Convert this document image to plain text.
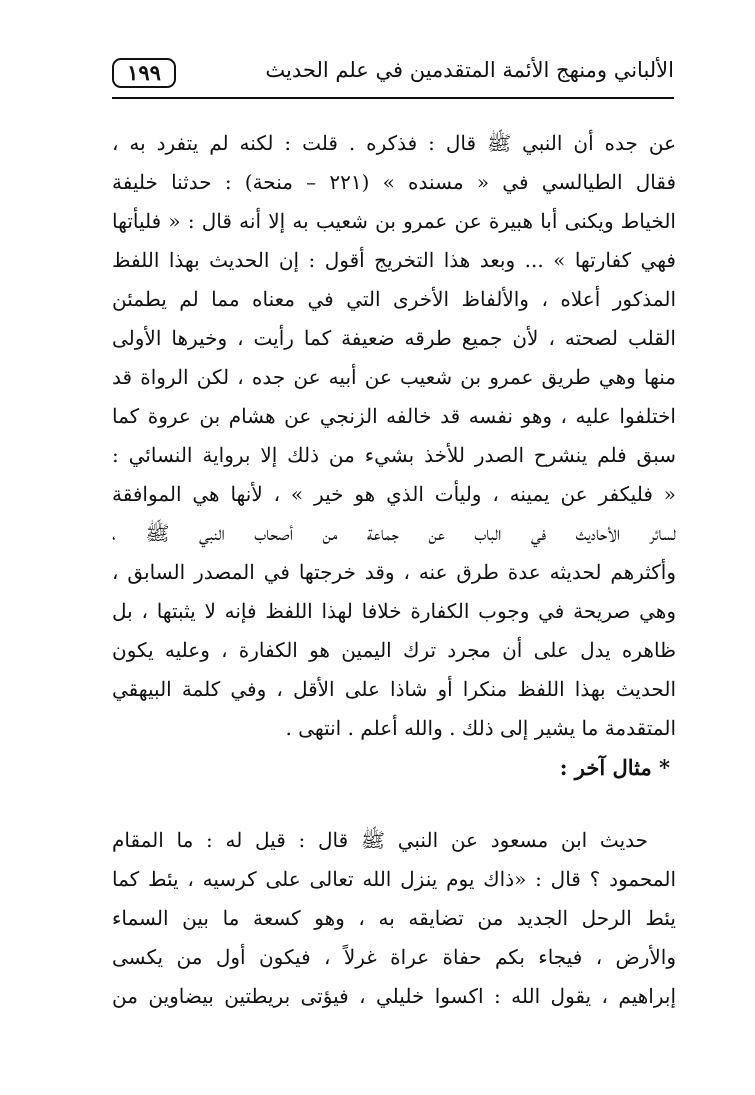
١٩٩	الألباني ومنهج الأئمة المتقدمين في علم الحديث
عن جده أن النبي ﷺ قال : فذكره . قلت : لكنه لم يتفرد به ،
فقال الطيالسي في « مسنده » (٢٢١ – منحة) : حدثنا خليفة
الخياط ويكنى أبا هبيرة عن عمرو بن شعيب به إلا أنه قال : « فليأتها
فهي كفارتها » ... وبعد هذا التخريج أقول : إن الحديث بهذا اللفظ
المذكور أعلاه ، والألفاظ الأخرى التي في معناه مما لم يطمئن
القلب لصحته ، لأن جميع طرقه ضعيفة كما رأيت ، وخيرها الأولى
منها وهي طريق عمرو بن شعيب عن أبيه عن جده ، لكن الرواة قد
اختلفوا عليه ، وهو نفسه قد خالفه الزنجي عن هشام بن عروة كما
سبق فلم ينشرح الصدر للأخذ بشيء من ذلك إلا برواية النسائي :
« فليكفر عن يمينه ، وليأت الذي هو خير » ، لأنها هي الموافقة
لسائر الأحاديث في الباب عن جماعة من أصحاب النبي ﷺ ،
وأكثرهم لحديثه عدة طرق عنه ، وقد خرجتها في المصدر السابق ،
وهي صريحة في وجوب الكفارة خلافا لهذا اللفظ فإنه لا يثبتها ، بل
ظاهره يدل على أن مجرد ترك اليمين هو الكفارة ، وعليه يكون
الحديث بهذا اللفظ منكرا أو شاذا على الأقل ، وفي كلمة البيهقي
المتقدمة ما يشير إلى ذلك . والله أعلم . انتهى .
* مثال آخر :
حديث ابن مسعود عن النبي ﷺ قال : قيل له : ما المقام
المحمود ؟ قال : «ذاك يوم ينزل الله تعالى على كرسيه ، يئط كما
يئط الرحل الجديد من تضايقه به ، وهو كسعة ما بين السماء
والأرض ، فيجاء بكم حفاة عراة غرلاً ، فيكون أول من يكسى
إبراهيم ، يقول الله : اكسوا خليلي ، فيؤتى بريطتين بيضاوين من
